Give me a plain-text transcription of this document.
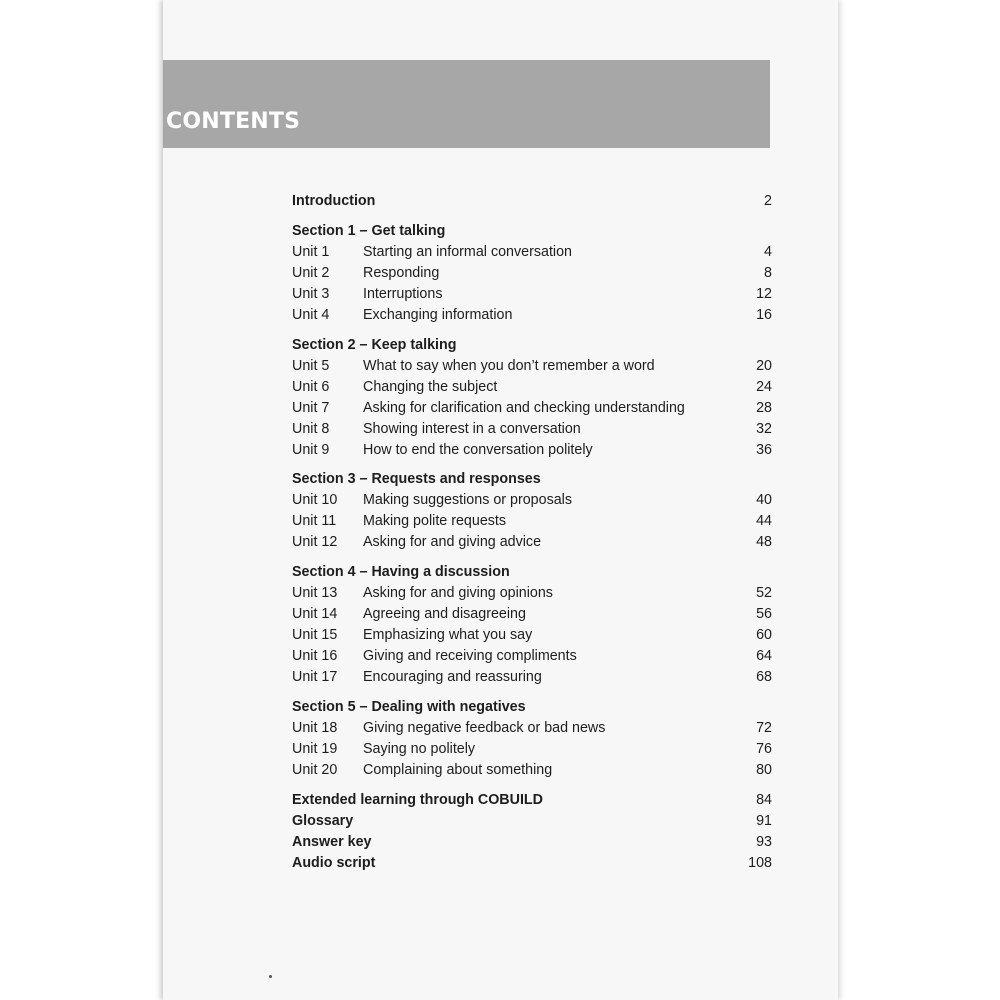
CONTENTS
Introduction	2
Section 1 – Get talking
Unit 1 Starting an informal conversation	4
Unit 2 Responding	8
Unit 3 Interruptions	12
Unit 4 Exchanging information	16
Section 2 – Keep talking
Unit 5 What to say when you don’t remember a word	20
Unit 6 Changing the subject	24
Unit 7 Asking for clarification and checking understanding	28
Unit 8 Showing interest in a conversation	32
Unit 9 How to end the conversation politely	36
Section 3 – Requests and responses
Unit 10 Making suggestions or proposals	40
Unit 11 Making polite requests	44
Unit 12 Asking for and giving advice	48
Section 4 – Having a discussion
Unit 13 Asking for and giving opinions	52
Unit 14 Agreeing and disagreeing	56
Unit 15 Emphasizing what you say	60
Unit 16 Giving and receiving compliments	64
Unit 17 Encouraging and reassuring	68
Section 5 – Dealing with negatives
Unit 18 Giving negative feedback or bad news	72
Unit 19 Saying no politely	76
Unit 20 Complaining about something	80
Extended learning through COBUILD	84
Glossary	91
Answer key	93
Audio script	108
